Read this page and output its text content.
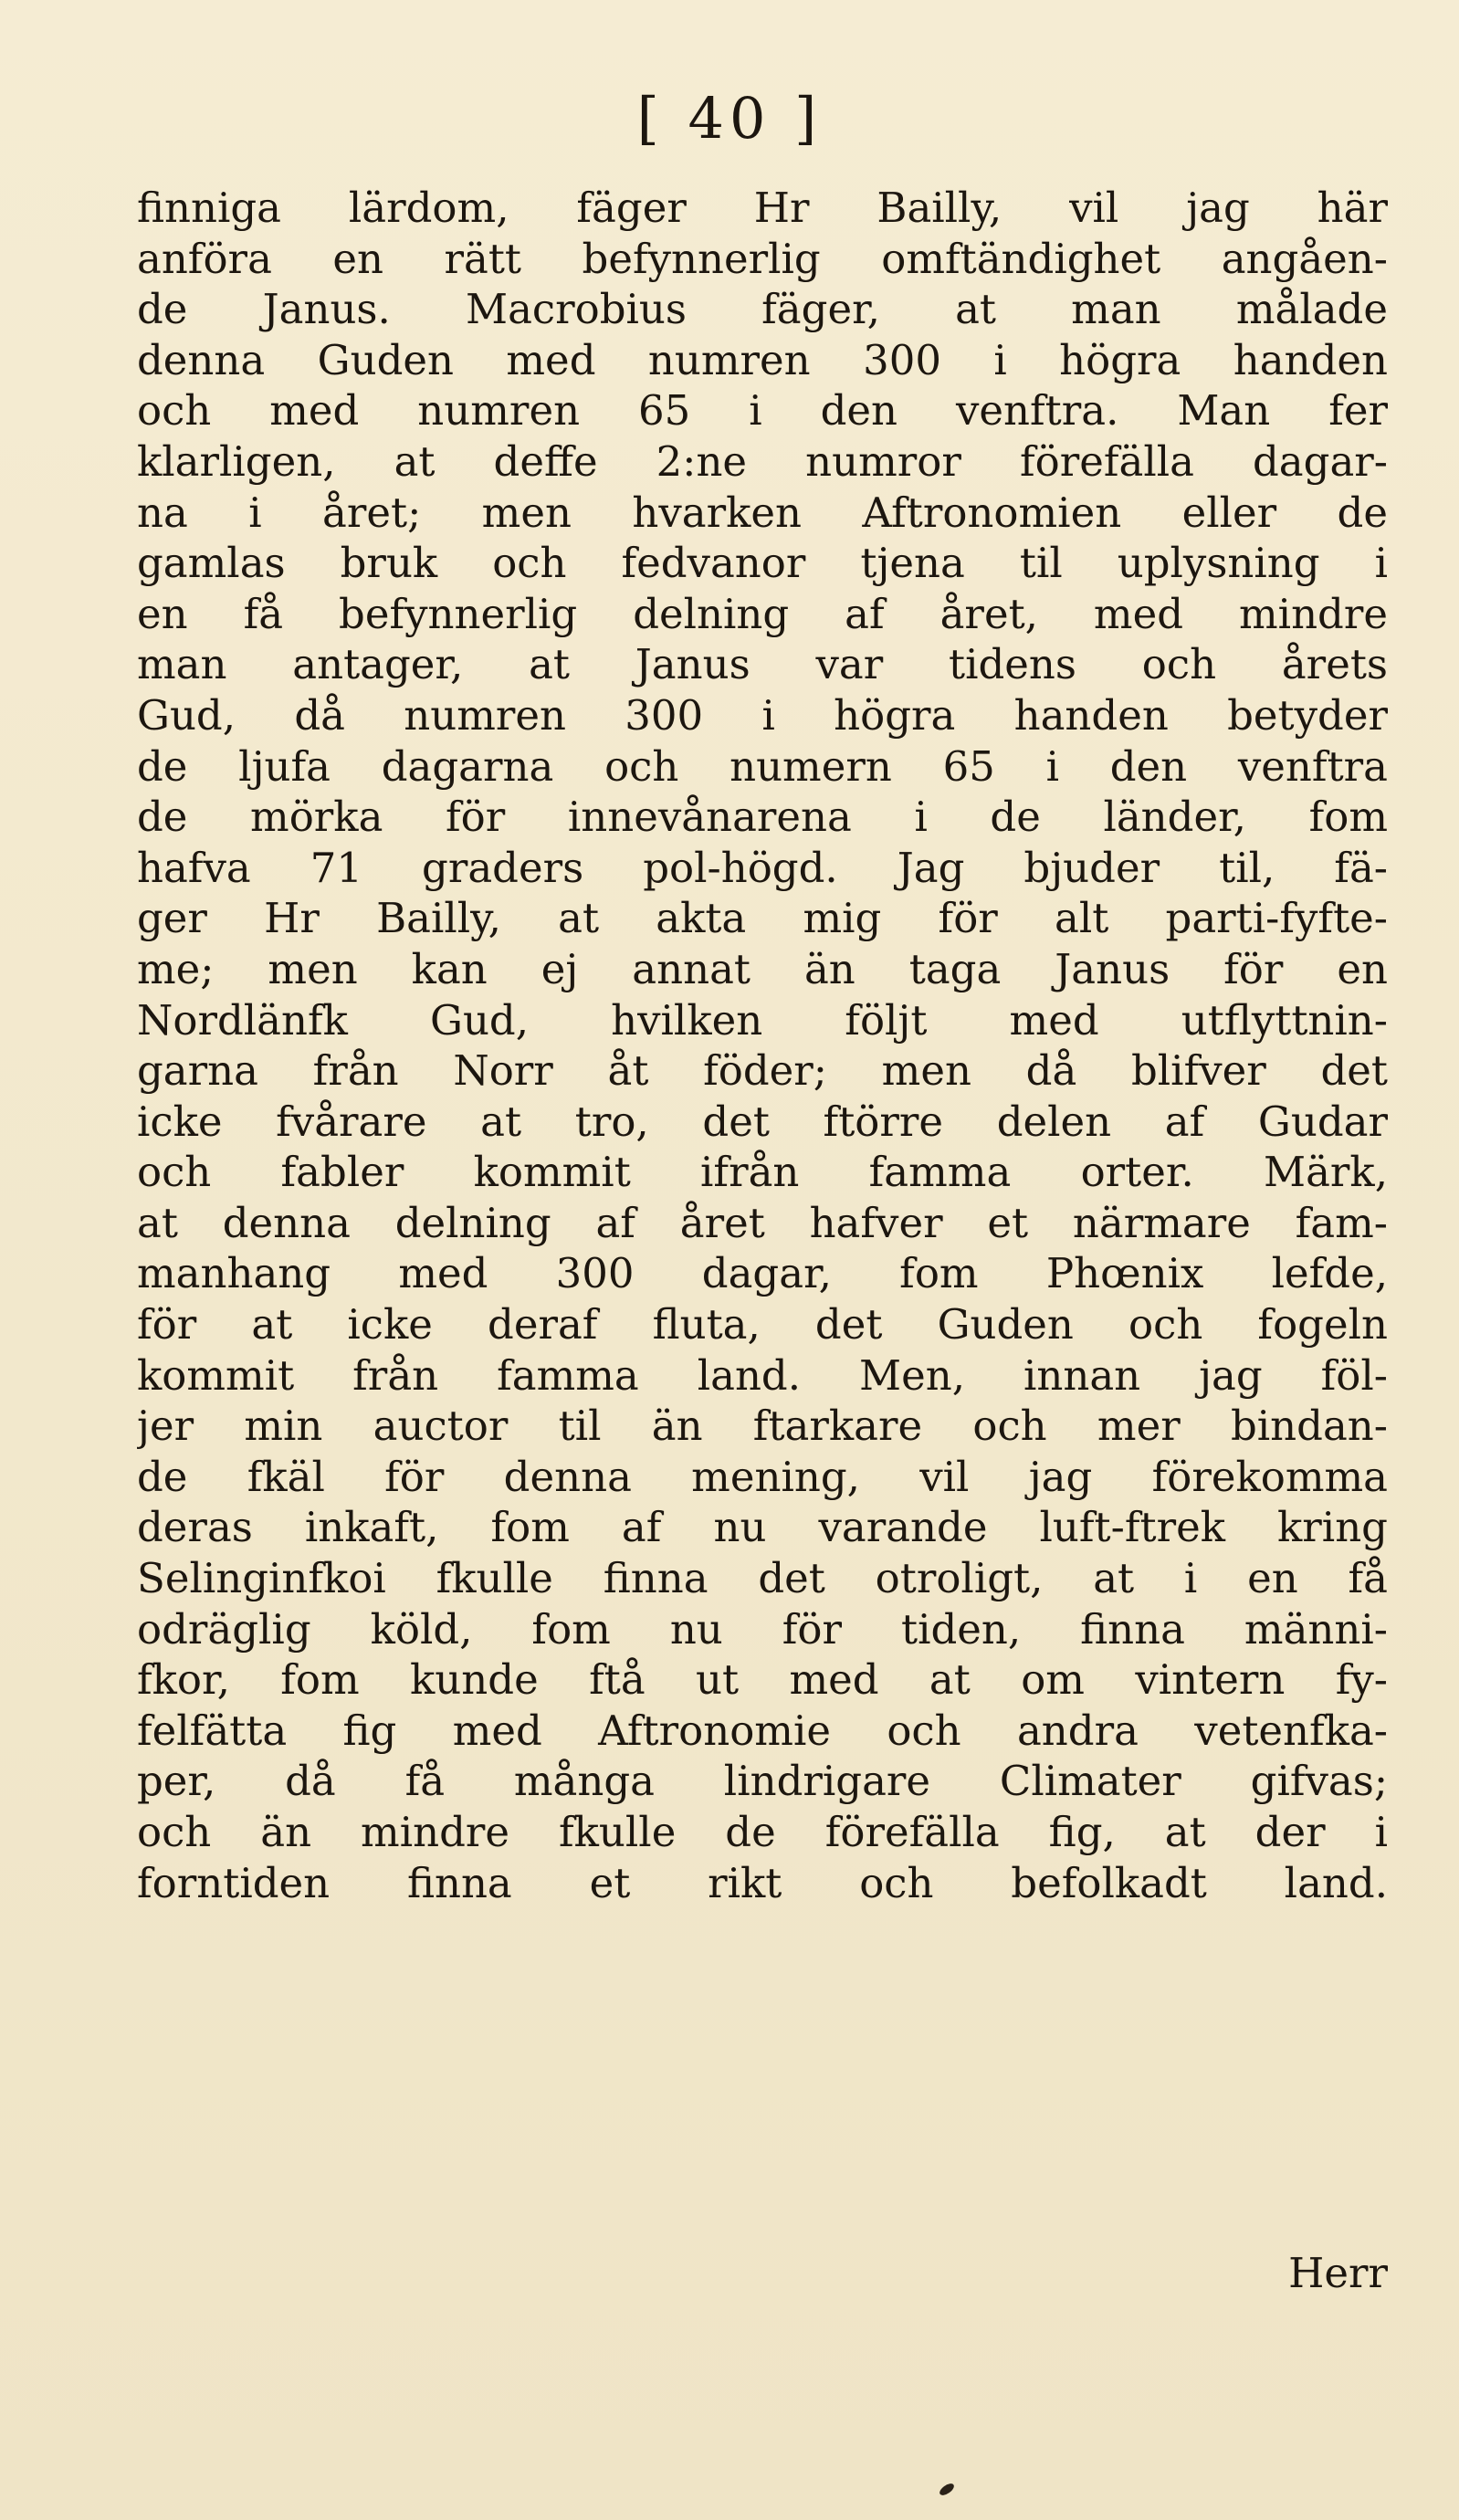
[ 40 ]
finniga lärdom, fäger Hr Bailly, vil jag här
anföra en rätt befynnerlig omftändighet angåen-
de Janus. Macrobius fäger, at man målade
denna Guden med numren 300 i högra handen
och med numren 65 i den venftra. Man fer
klarligen, at deffe 2:ne numror förefälla dagar-
na i året; men hvarken Aftronomien eller de
gamlas bruk och fedvanor tjena til uplysning i
en få befynnerlig delning af året, med mindre
man antager, at Janus var tidens och årets
Gud, då numren 300 i högra handen betyder
de ljufa dagarna och numern 65 i den venftra
de mörka för innevånarena i de länder, fom
hafva 71 graders pol-högd. Jag bjuder til, fä-
ger Hr Bailly, at akta mig för alt parti-fyfte-
me; men kan ej annat än taga Janus för en
Nordlänfk Gud, hvilken följt med utflyttnin-
garna från Norr åt föder; men då blifver det
icke fvårare at tro, det ftörre delen af Gudar
och fabler kommit ifrån famma orter. Märk,
at denna delning af året hafver et närmare fam-
manhang med 300 dagar, fom Phœnix lefde,
för at icke deraf fluta, det Guden och fogeln
kommit från famma land. Men, innan jag föl-
jer min auctor til än ftarkare och mer bindan-
de fkäl för denna mening, vil jag förekomma
deras inkaft, fom af nu varande luft-ftrek kring
Selinginfkoi fkulle finna det otroligt, at i en få
odräglig köld, fom nu för tiden, finna männi-
fkor, fom kunde ftå ut med at om vintern fy-
felfätta fig med Aftronomie och andra vetenfka-
per, då få många lindrigare Climater gifvas;
och än mindre fkulle de förefälla fig, at der i
forntiden finna et rikt och befolkadt land.
Herr
